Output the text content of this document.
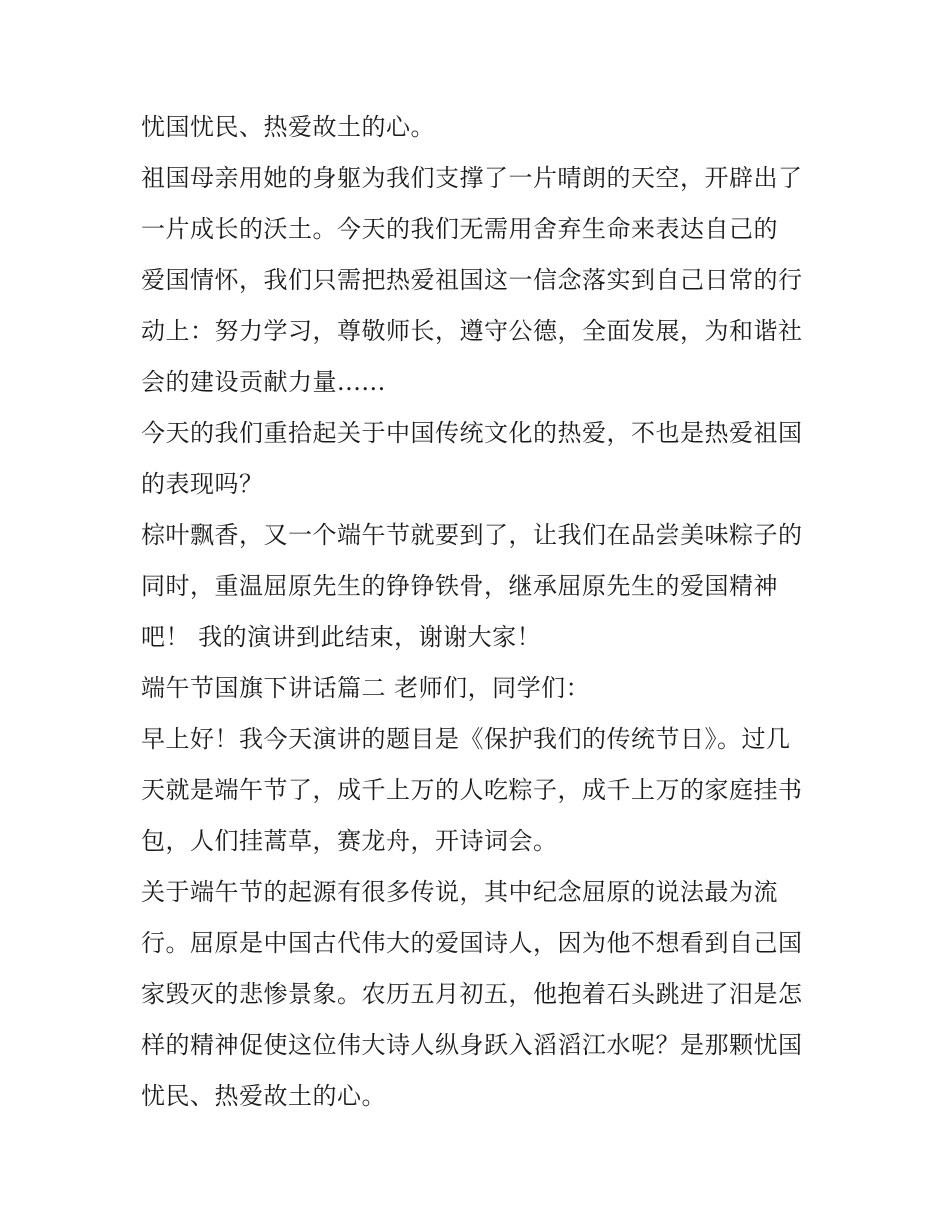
忧国忧民、热爱故土的心。
祖国母亲用她的身躯为我们支撑了一片晴朗的天空，开辟出了
一片成长的沃土。今天的我们无需用舍弃生命来表达自己的
爱国情怀，我们只需把热爱祖国这一信念落实到自己日常的行
动上：努力学习，尊敬师长，遵守公德，全面发展，为和谐社
会的建设贡献力量......
今天的我们重拾起关于中国传统文化的热爱，不也是热爱祖国
的表现吗？
棕叶飘香，又一个端午节就要到了，让我们在品尝美味粽子的
同时，重温屈原先生的铮铮铁骨，继承屈原先生的爱国精神
吧！ 我的演讲到此结束，谢谢大家！
端午节国旗下讲话篇二 老师们，同学们：
早上好！我今天演讲的题目是《保护我们的传统节日》。过几
天就是端午节了，成千上万的人吃粽子，成千上万的家庭挂书
包，人们挂蒿草，赛龙舟，开诗词会。
关于端午节的起源有很多传说，其中纪念屈原的说法最为流
行。屈原是中国古代伟大的爱国诗人，因为他不想看到自己国
家毁灭的悲惨景象。农历五月初五，他抱着石头跳进了汨是怎
样的精神促使这位伟大诗人纵身跃入滔滔江水呢？是那颗忧国
忧民、热爱故土的心。
